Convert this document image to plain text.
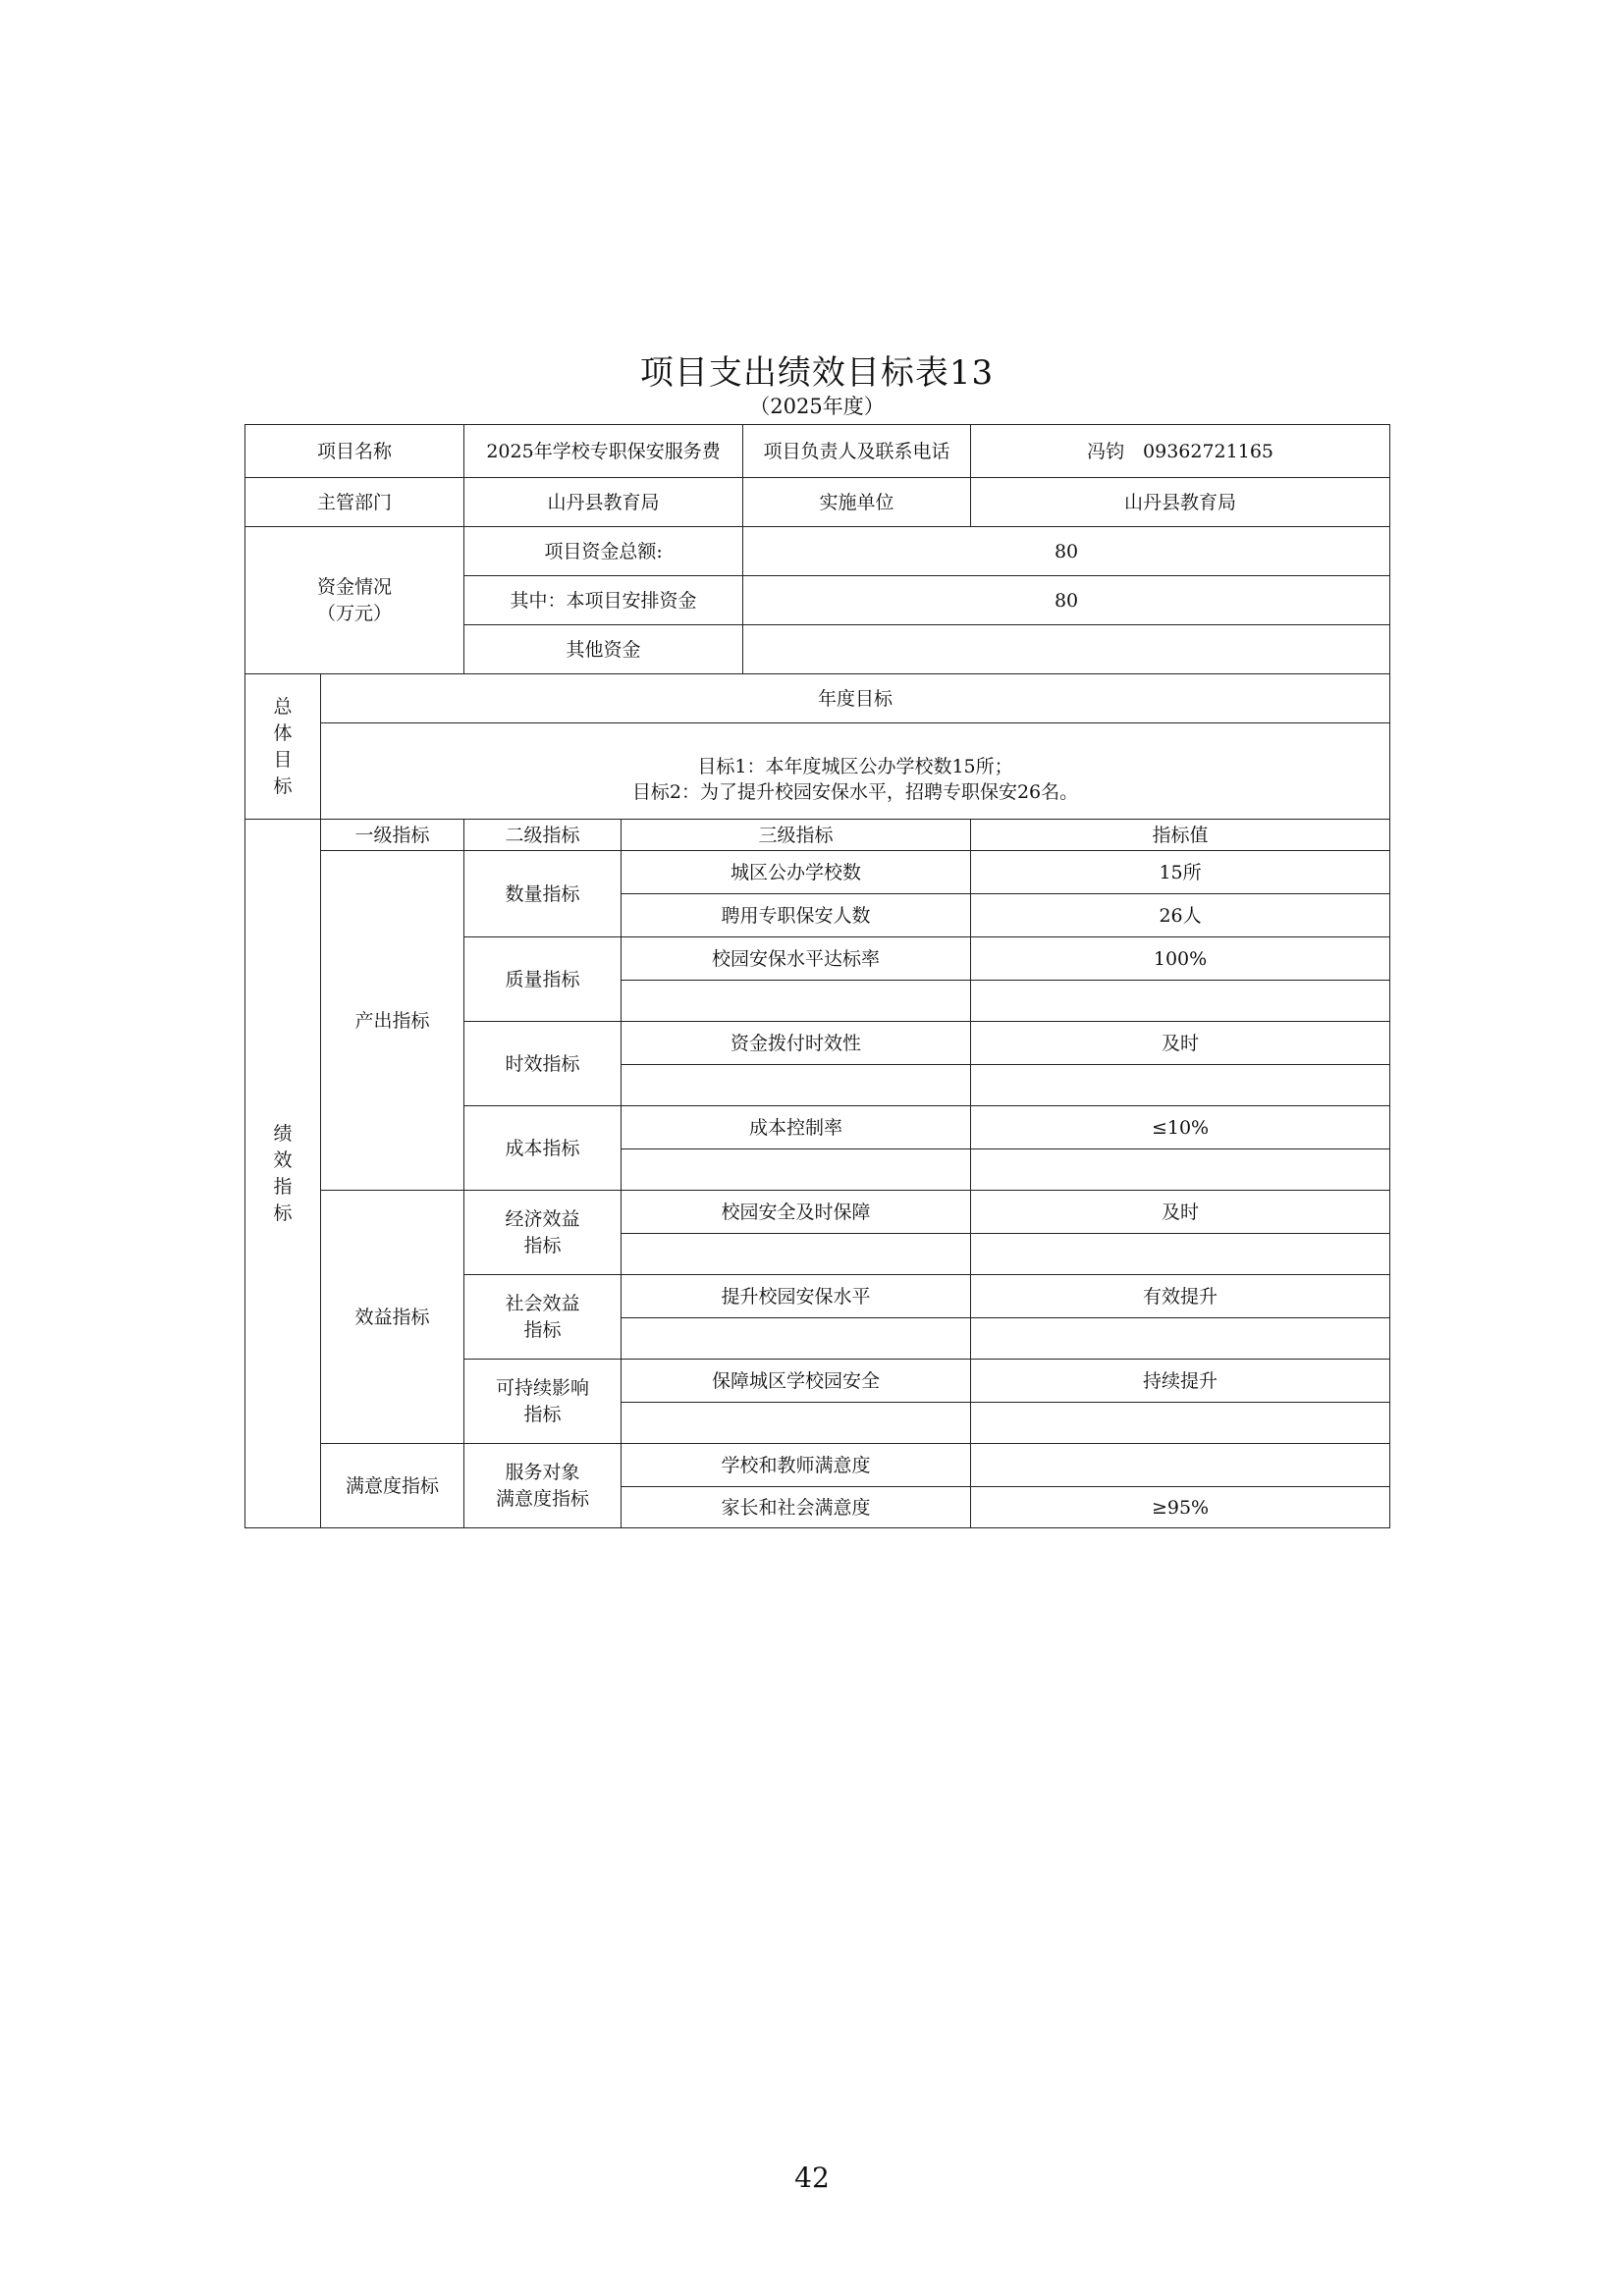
项目支出绩效目标表13
（2025年度）
项目名称		2025年学校专职保安服务费		项目负责人及联系电话	冯钧　09362721165
主管部门		山丹县教育局		实施单位	山丹县教育局

资金情况
（万元）		项目资金总额:		80	
		其中：本项目安排资金		80	
		其他资金			

总
体
目
标	年度目标				

	目标1：本年度城区公办学校数15所；
目标2：为了提升校园安保水平，招聘专职保安26名。				

绩
效
指
标	一级指标	二级指标	三级指标		指标值
	产出指标	数量指标	城区公办学校数		15所
			聘用专职保安人数		26人
		质量指标	校园安保水平达标率		100%

		时效指标	资金拨付时效性		及时

		成本指标	成本控制率		≤10%

	效益指标	经济效益
指标	校园安全及时保障		及时

		社会效益
指标	提升校园安保水平		有效提升

		可持续影响
指标	保障城区学校园安全		持续提升

	满意度指标	服务对象
满意度指标	学校和教师满意度		
			家长和社会满意度		≥95%
42
